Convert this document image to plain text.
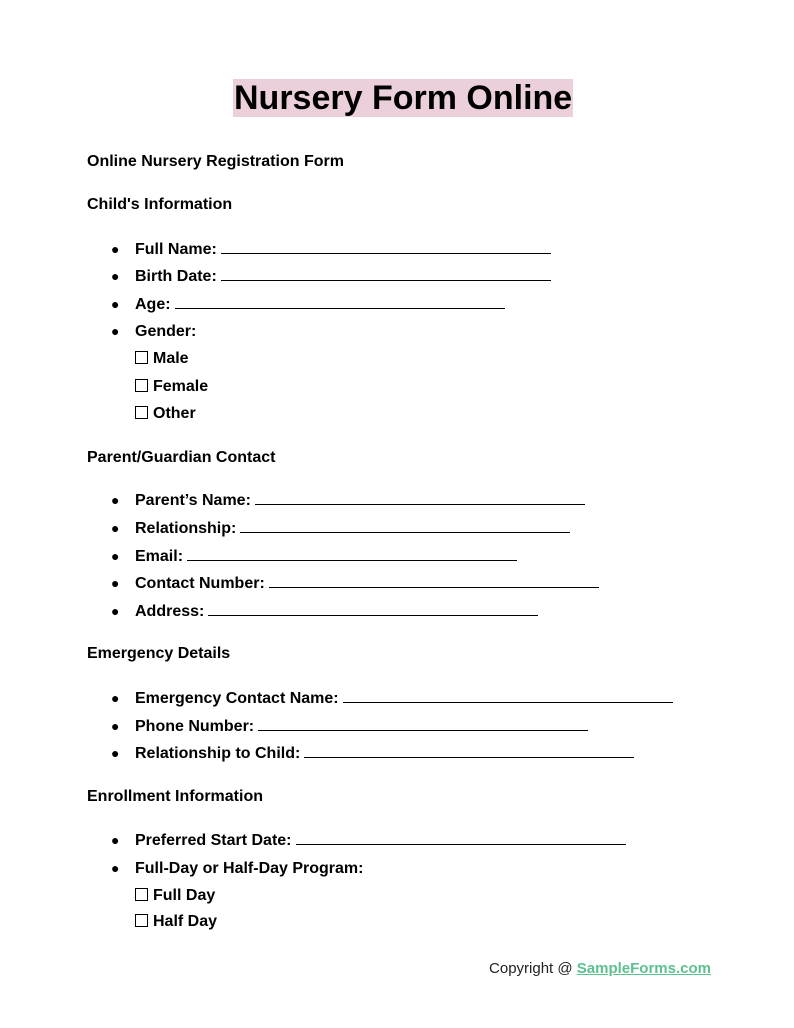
Nursery Form Online
Online Nursery Registration Form
Child's Information
● Full Name:
● Birth Date:
● Age:
● Gender:
Male
Female
Other
Parent/Guardian Contact
● Parent’s Name:
● Relationship:
● Email:
● Contact Number:
● Address:
Emergency Details
● Emergency Contact Name:
● Phone Number:
● Relationship to Child:
Enrollment Information
● Preferred Start Date:
● Full-Day or Half-Day Program:
Full Day
Half Day
Copyright @ SampleForms.com
